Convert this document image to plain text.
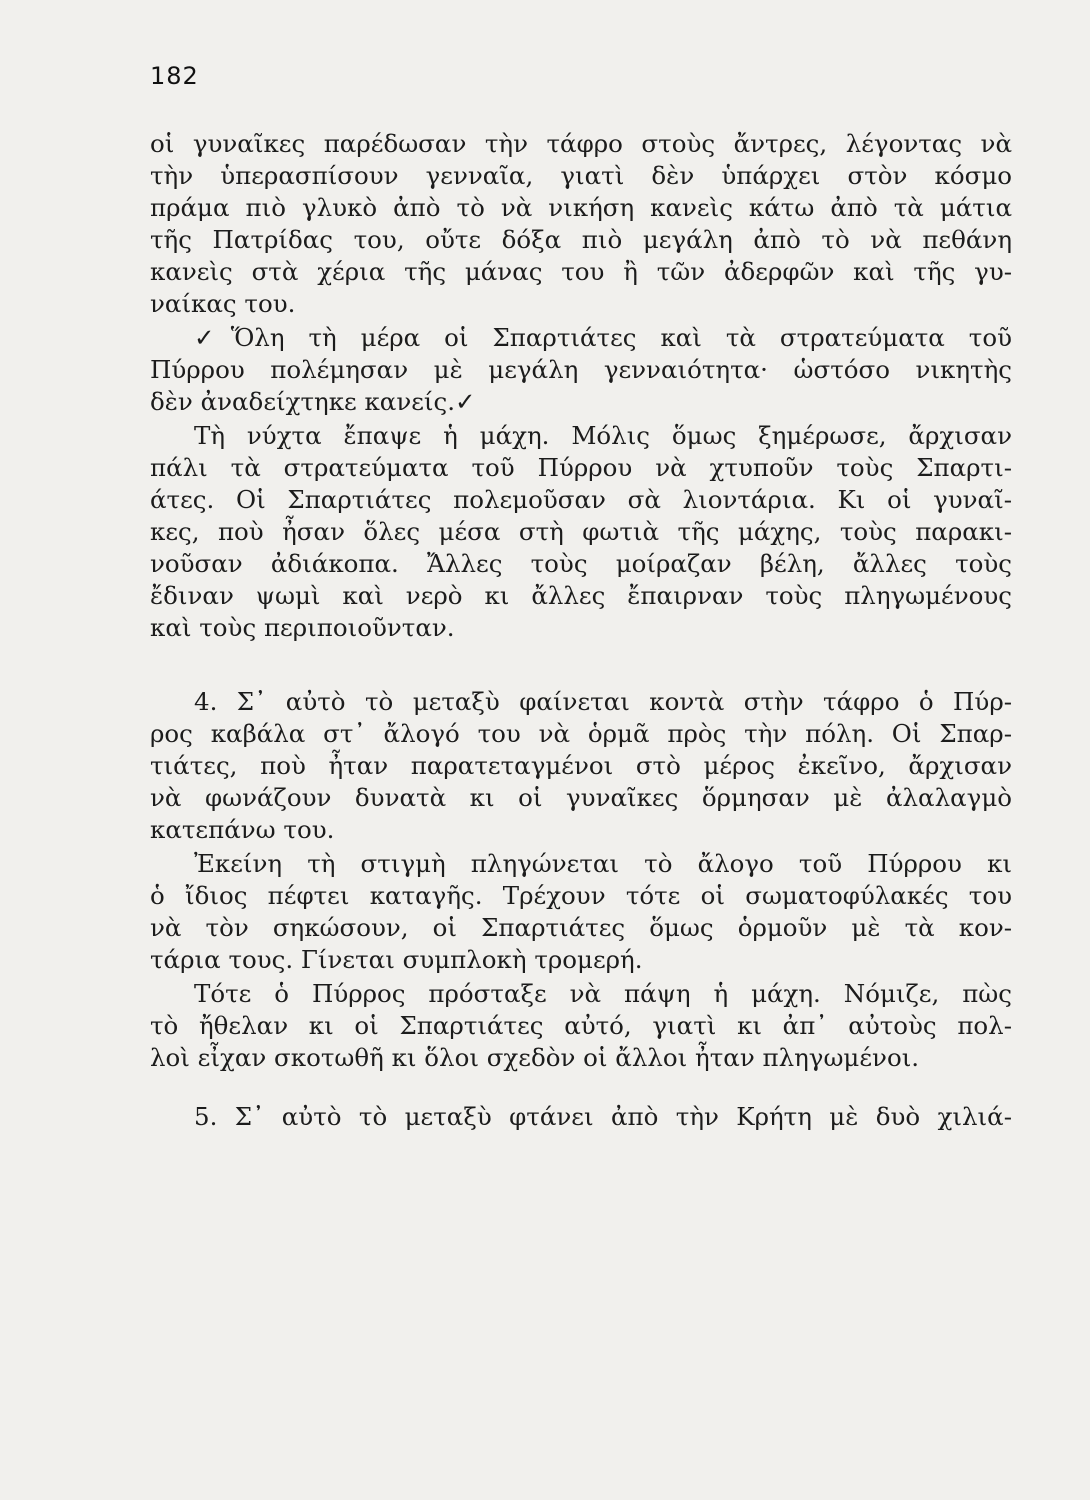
182
οἱ γυναῖκες παρέδωσαν τὴν τάφρο στοὺς ἄντρες, λέγοντας νὰ
τὴν ὑπερασπίσουν γενναῖα, γιατὶ δὲν ὑπάρχει στὸν κόσμο
πράμα πιὸ γλυκὸ ἀπὸ τὸ νὰ νικήση κανεὶς κάτω ἀπὸ τὰ μάτια
τῆς Πατρίδας του, οὔτε δόξα πιὸ μεγάλη ἀπὸ τὸ νὰ πεθάνη
κανεὶς στὰ χέρια τῆς μάνας του ἢ τῶν ἀδερφῶν καὶ τῆς γυ-
ναίκας του.
✓Ὅλη τὴ μέρα οἱ Σπαρτιάτες καὶ τὰ στρατεύματα τοῦ
Πύρρου πολέμησαν μὲ μεγάλη γενναιότητα· ὡστόσο νικητὴς
δὲν ἀναδείχτηκε κανείς.✓
Τὴ νύχτα ἔπαψε ἡ μάχη. Μόλις ὅμως ξημέρωσε, ἄρχισαν
πάλι τὰ στρατεύματα τοῦ Πύρρου νὰ χτυποῦν τοὺς Σπαρτι-
άτες. Οἱ Σπαρτιάτες πολεμοῦσαν σὰ λιοντάρια. Κι οἱ γυναῖ-
κες, ποὺ ἦσαν ὅλες μέσα στὴ φωτιὰ τῆς μάχης, τοὺς παρακι-
νοῦσαν ἀδιάκοπα. Ἄλλες τοὺς μοίραζαν βέλη, ἄλλες τοὺς
ἔδιναν ψωμὶ καὶ νερὸ κι ἄλλες ἔπαιρναν τοὺς πληγωμένους
καὶ τοὺς περιποιοῦνταν.
4. Σ᾿ αὐτὸ τὸ μεταξὺ φαίνεται κοντὰ στὴν τάφρο ὁ Πύρ-
ρος καβάλα στ᾿ ἄλογό του νὰ ὁρμᾶ πρὸς τὴν πόλη. Οἱ Σπαρ-
τιάτες, ποὺ ἦταν παρατεταγμένοι στὸ μέρος ἐκεῖνο, ἄρχισαν
νὰ φωνάζουν δυνατὰ κι οἱ γυναῖκες ὅρμησαν μὲ ἀλαλαγμὸ
κατεπάνω του.
Ἐκείνη τὴ στιγμὴ πληγώνεται τὸ ἄλογο τοῦ Πύρρου κι
ὁ ἴδιος πέφτει καταγῆς. Τρέχουν τότε οἱ σωματοφύλακές του
νὰ τὸν σηκώσουν, οἱ Σπαρτιάτες ὅμως ὁρμοῦν μὲ τὰ κον-
τάρια τους. Γίνεται συμπλοκὴ τρομερή.
Τότε ὁ Πύρρος πρόσταξε νὰ πάψη ἡ μάχη. Νόμιζε, πὼς
τὸ ἤθελαν κι οἱ Σπαρτιάτες αὐτό, γιατὶ κι ἀπ᾿ αὐτοὺς πολ-
λοὶ εἶχαν σκοτωθῆ κι ὅλοι σχεδὸν οἱ ἄλλοι ἦταν πληγωμένοι.
5. Σ᾿ αὐτὸ τὸ μεταξὺ φτάνει ἀπὸ τὴν Κρήτη μὲ δυὸ χιλιά-
